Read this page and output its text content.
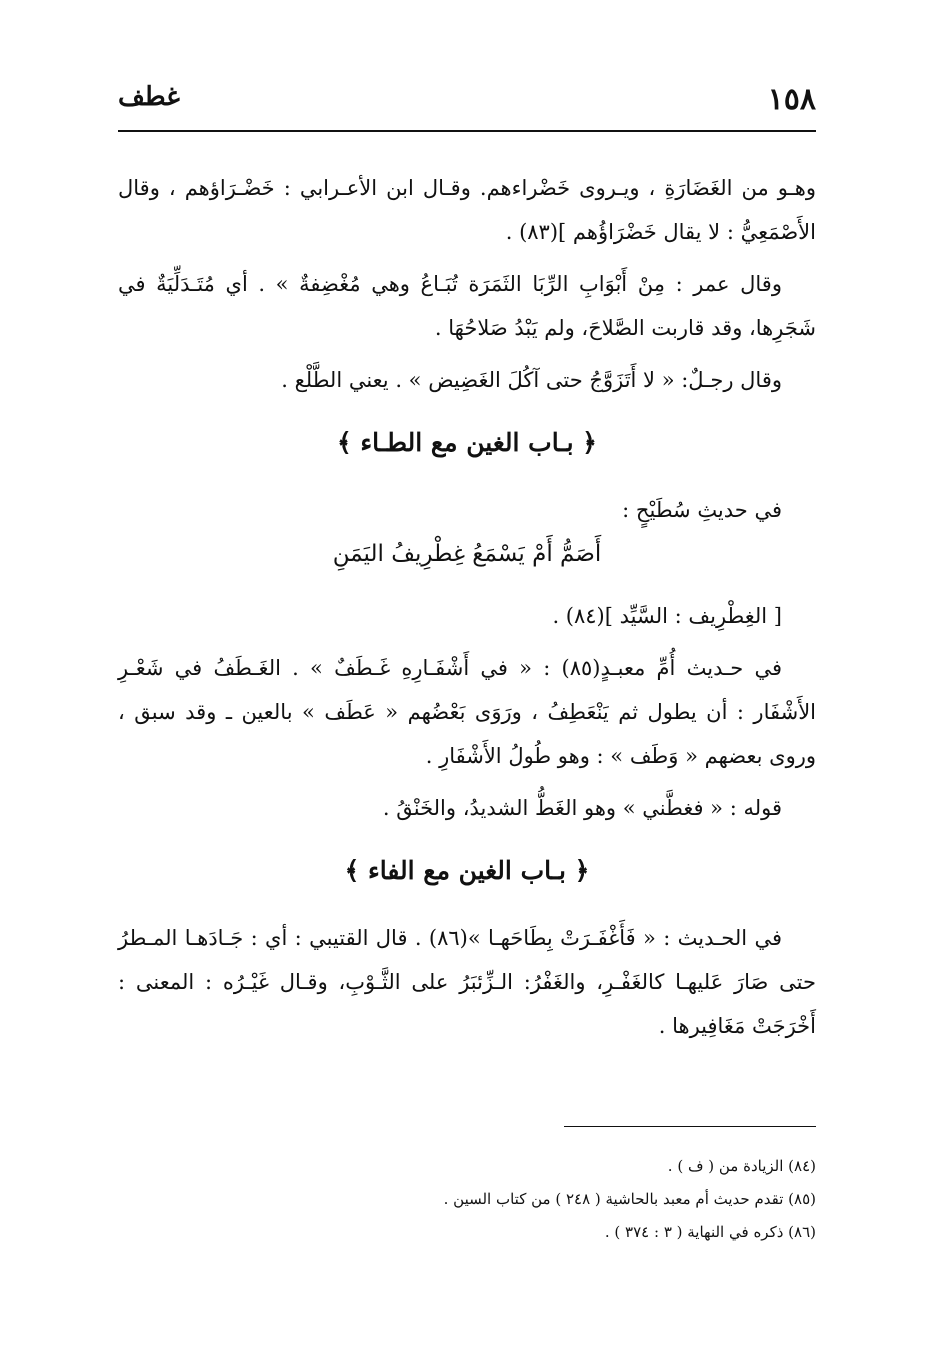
١٥٨
غطف

وهـو من الغَضَارَةِ ، ويـروى خَضْراءهم. وقـال ابن الأعـرابي : خَضْـرَاؤهم ، وقال الأَصْمَعِيُّ : لا يقال خَضْرَاؤُهم ](٨٣) .

وقال عمر : مِنْ أَبْوَابِ الرِّبَا الثَمَرَة تُبَـاعُ وهي مُغْضِفةٌ » . أي مُتَـدَلِّيَةٌ في شَجَرِها، وقد قاربت الصَّلاحَ، ولم يَبْدُ صَلاحُهَا .

وقال رجـلٌ: « لا أَتَزَوَّجُ حتى آكُلَ الغَضِيض » . يعني الطَّلْع .

﴿ بـاب الغين مع الطـاء ﴾

في حديثِ سُطَيْحٍ :

أَصَمُّ أَمْ يَسْمَعُ غِطْرِيفُ اليَمَنِ

[ الغِطْرِيف : السَّيِّد ](٨٤) .

في حـديث أُمِّ معبـدٍ(٨٥) : « في أَشْفَـارِهِ غَـطَفٌ » . الغَـطَفُ في شَعْـرِ الأَشْفَار : أن يطول ثم يَنْعَطِفُ ، ورَوَى بَعْضُهم « عَطَف » بالعين ـ وقد سبق ، وروى بعضهم « وَطَف » : وهو طُولُ الأَشْفَارِ .

قوله : « فغطَّني » وهو الغَطُّ الشديدُ، والخَنْقُ .

﴿ بـاب الغين مع الفاء ﴾

في الحـديث : « فَأَغْفَـرَتْ بِطَاحَهـا »(٨٦) . قال القتيبي : أي : جَـادَهـا المـطرُ حتى صَارَ عَليهـا كالغَفْـرِ، والغَفْرُ: الـزِّئبَرُ على الثَّـوْبِ، وقـال غَيْـرُه : المعنى : أَخْرَجَتْ مَغَافِيرها .

(٨٤) الزيادة من ( ف ) .

(٨٥) تقدم حديث أم معبد بالحاشية ( ٢٤٨ ) من كتاب السين .

(٨٦) ذكره في النهاية ( ٣ : ٣٧٤ ) .
